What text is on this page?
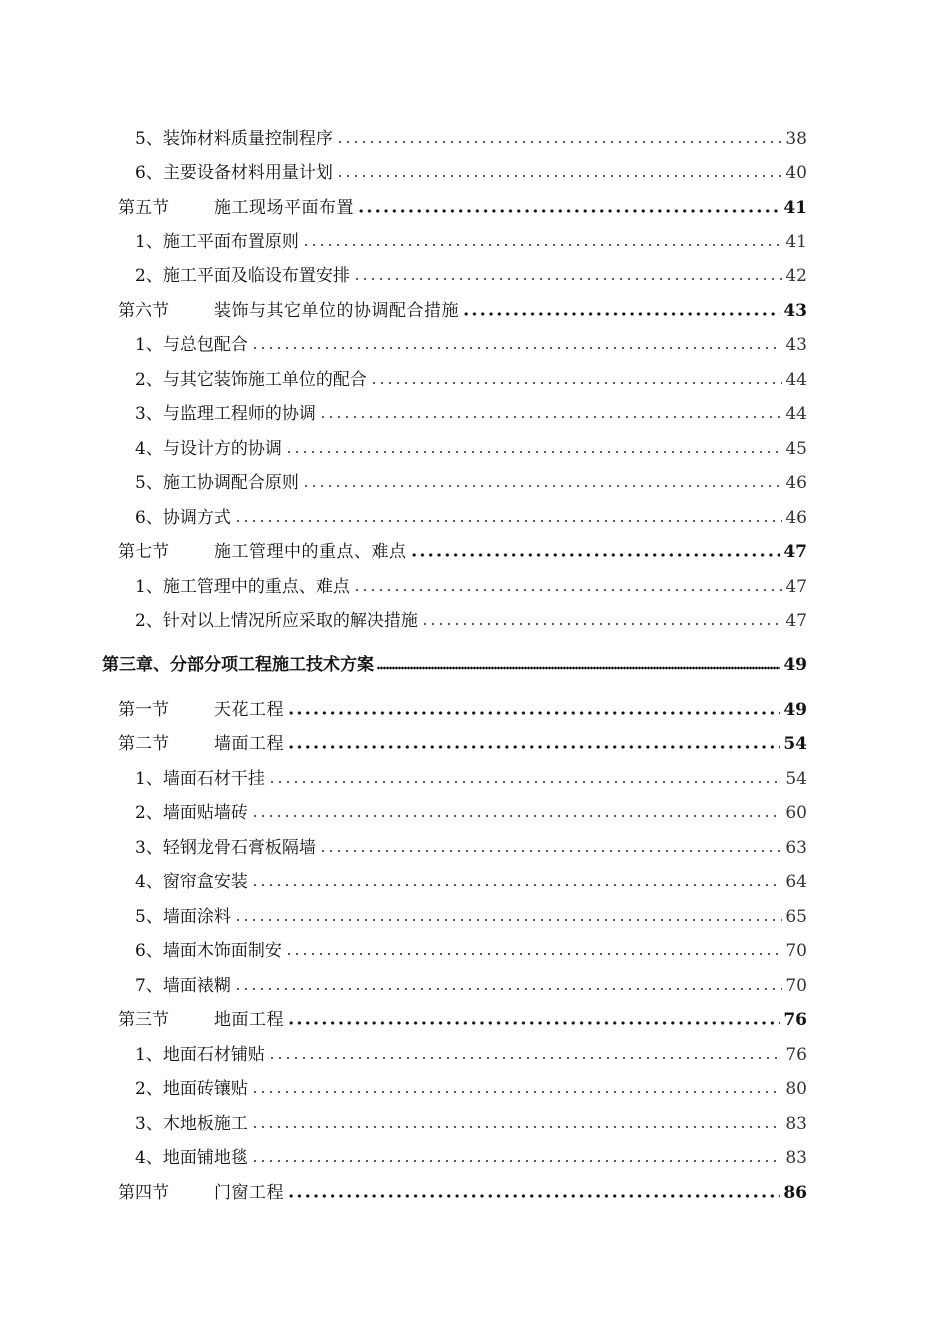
5、装饰材料质量控制程序	38
6、主要设备材料用量计划	40
第五节	施工现场平面布置	41
1、施工平面布置原则	41
2、施工平面及临设布置安排	42
第六节	装饰与其它单位的协调配合措施	43
1、与总包配合	43
2、与其它装饰施工单位的配合	44
3、与监理工程师的协调	44
4、与设计方的协调	45
5、施工协调配合原则	46
6、协调方式	46
第七节	施工管理中的重点、难点	47
1、施工管理中的重点、难点	47
2、针对以上情况所应采取的解决措施	47
第三章、分部分项工程施工技术方案	49
第一节	天花工程	49
第二节	墙面工程	54
1、墙面石材干挂	54
2、墙面贴墙砖	60
3、轻钢龙骨石膏板隔墙	63
4、窗帘盒安装	64
5、墙面涂料	65
6、墙面木饰面制安	70
7、墙面裱糊	70
第三节	地面工程	76
1、地面石材铺贴	76
2、地面砖镶贴	80
3、木地板施工	83
4、地面铺地毯	83
第四节	门窗工程	86
